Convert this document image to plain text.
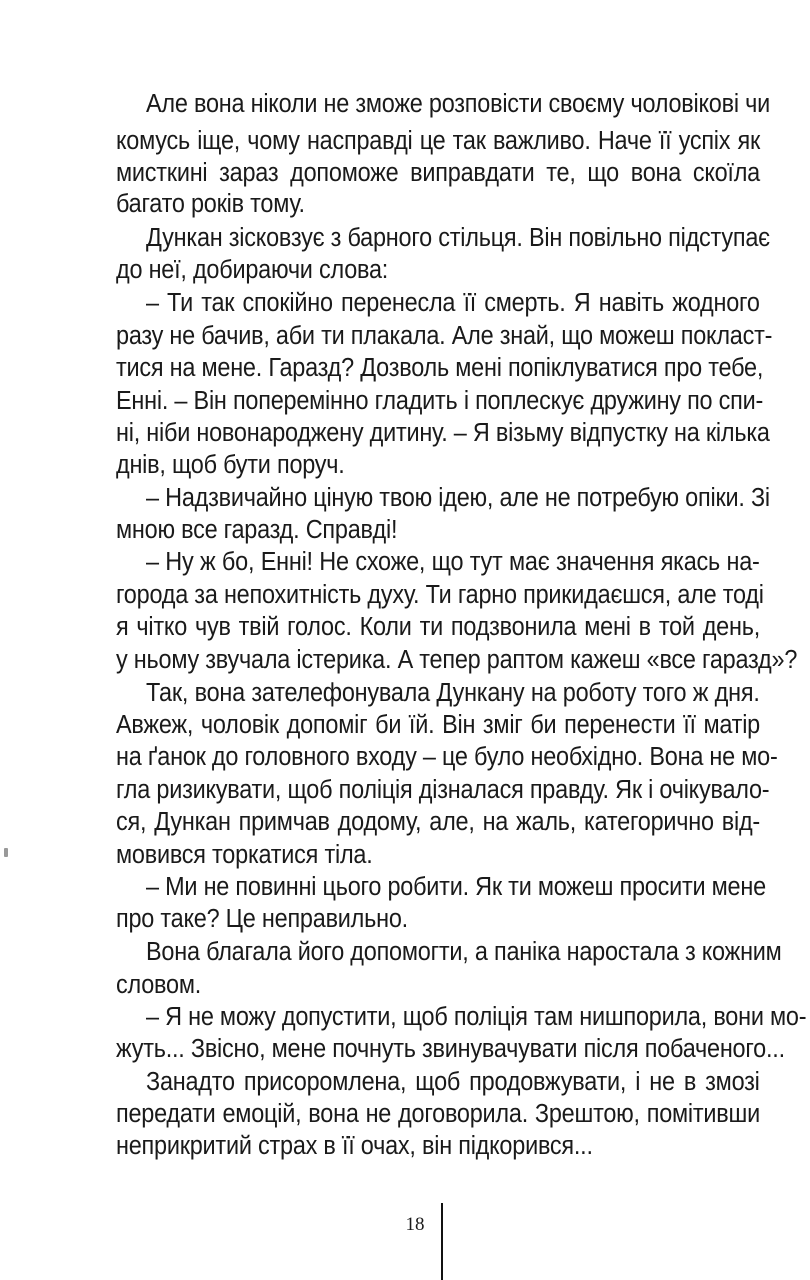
Але вона ніколи не зможе розповісти своєму чоловікові чи
комусь іще, чому насправді це так важливо. Наче її успіх як
мисткині зараз допоможе виправдати те, що вона скоїла
багато років тому.
Дункан зісковзує з барного стільця. Він повільно підступає
до неї, добираючи слова:
– Ти так спокійно перенесла її смерть. Я навіть жодного
разу не бачив, аби ти плакала. Але знай, що можеш покласт-
тися на мене. Гаразд? Дозволь мені попіклуватися про тебе,
Енні. – Він поперемінно гладить і поплескує дружину по спи-
ні, ніби новонароджену дитину. – Я візьму відпустку на кілька
днів, щоб бути поруч.
– Надзвичайно ціную твою ідею, але не потребую опіки. Зі
мною все гаразд. Справді!
– Ну ж бо, Енні! Не схоже, що тут має значення якась на-
города за непохитність духу. Ти гарно прикидаєшся, але тоді
я чітко чув твій голос. Коли ти подзвонила мені в той день,
у ньому звучала істерика. А тепер раптом кажеш «все гаразд»?
Так, вона зателефонувала Дункану на роботу того ж дня.
Авжеж, чоловік допоміг би їй. Він зміг би перенести її матір
на ґанок до головного входу – це було необхідно. Вона не мо-
гла ризикувати, щоб поліція дізналася правду. Як і очікувало-
ся, Дункан примчав додому, але, на жаль, категорично від-
мовився торкатися тіла.
– Ми не повинні цього робити. Як ти можеш просити мене
про таке? Це неправильно.
Вона благала його допомогти, а паніка наростала з кожним
словом.
– Я не можу допустити, щоб поліція там нишпорила, вони мо-
жуть... Звісно, мене почнуть звинувачувати після побаченого...
Занадто присоромлена, щоб продовжувати, і не в змозі
передати емоцій, вона не договорила. Зрештою, помітивши
неприкритий страх в її очах, він підкорився...
18
